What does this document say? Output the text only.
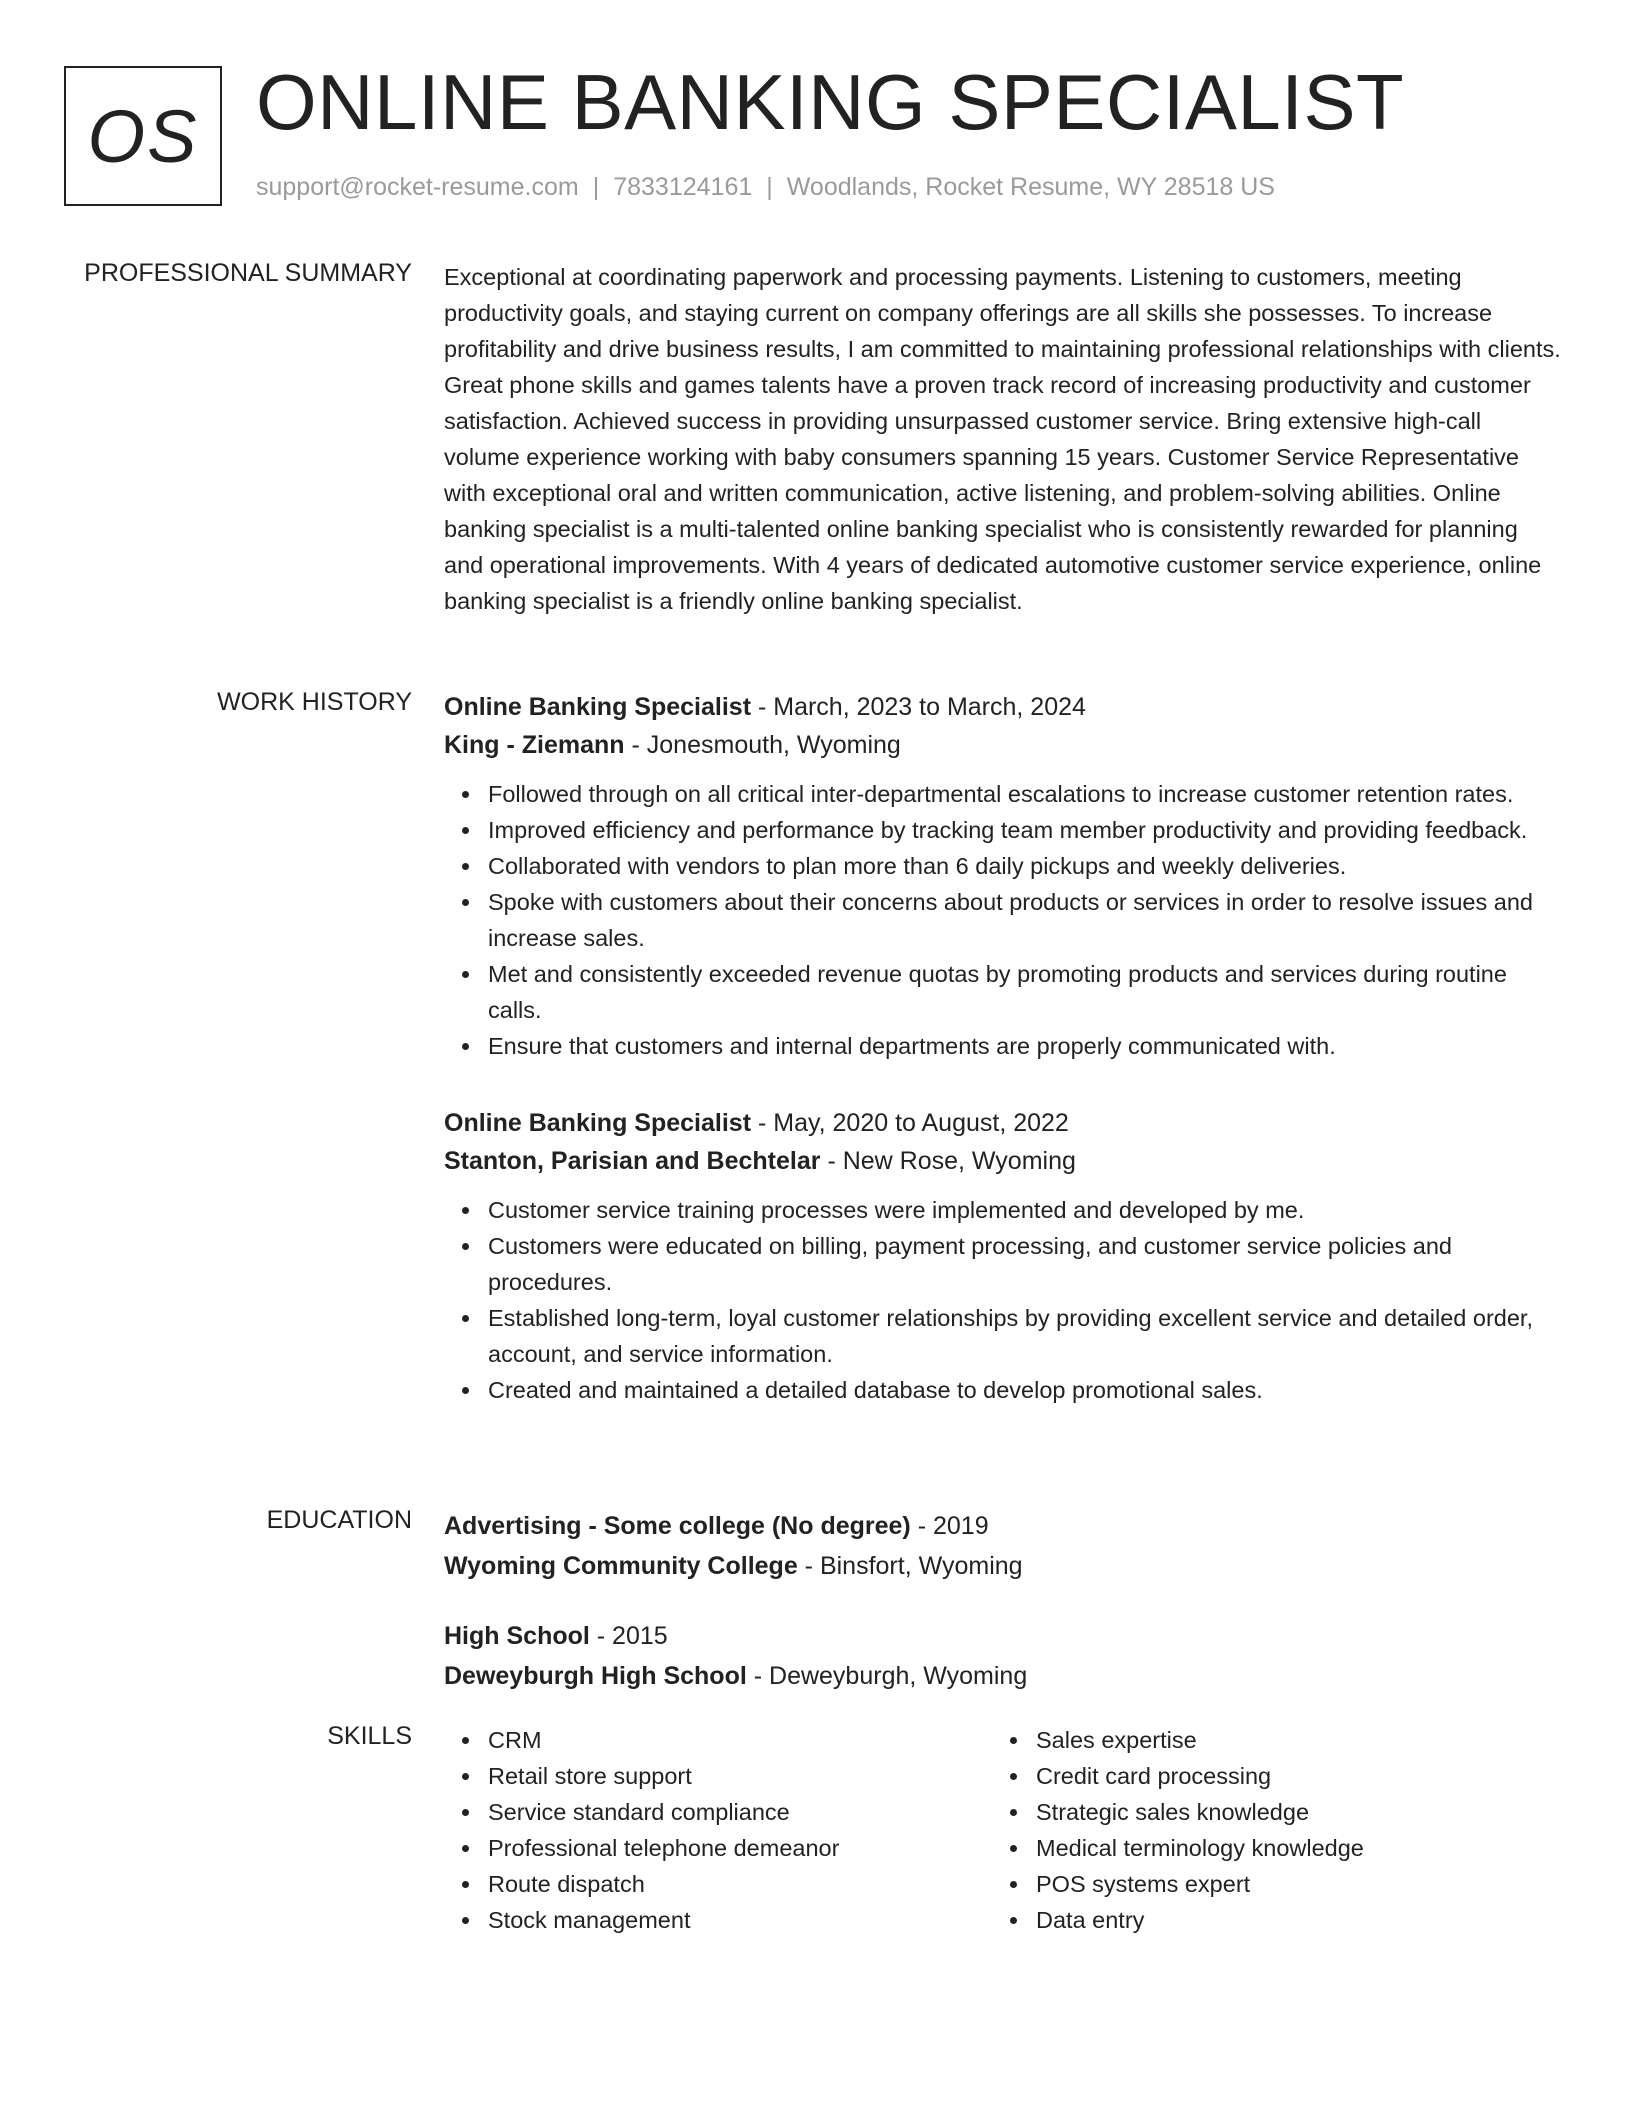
OS ONLINE BANKING SPECIALIST
support@rocket-resume.com | 7833124161 | Woodlands, Rocket Resume, WY 28518 US
PROFESSIONAL SUMMARY Exceptional at coordinating paperwork and processing payments. Listening to customers, meeting productivity goals, and staying current on company offerings are all skills she possesses. To increase profitability and drive business results, I am committed to maintaining professional relationships with clients. Great phone skills and games talents have a proven track record of increasing productivity and customer satisfaction. Achieved success in providing unsurpassed customer service. Bring extensive high-call volume experience working with baby consumers spanning 15 years. Customer Service Representative with exceptional oral and written communication, active listening, and problem-solving abilities. Online banking specialist is a multi-talented online banking specialist who is consistently rewarded for planning and operational improvements. With 4 years of dedicated automotive customer service experience, online banking specialist is a friendly online banking specialist.

WORK HISTORY Online Banking Specialist - March, 2023 to March, 2024
King - Ziemann - Jonesmouth, Wyoming
Followed through on all critical inter-departmental escalations to increase customer retention rates.
Improved efficiency and performance by tracking team member productivity and providing feedback.
Collaborated with vendors to plan more than 6 daily pickups and weekly deliveries.
Spoke with customers about their concerns about products or services in order to resolve issues and increase sales.
Met and consistently exceeded revenue quotas by promoting products and services during routine calls.
Ensure that customers and internal departments are properly communicated with.
Online Banking Specialist - May, 2020 to August, 2022
Stanton, Parisian and Bechtelar - New Rose, Wyoming
Customer service training processes were implemented and developed by me.
Customers were educated on billing, payment processing, and customer service policies and procedures.
Established long-term, loyal customer relationships by providing excellent service and detailed order, account, and service information.
Created and maintained a detailed database to develop promotional sales.
EDUCATION Advertising - Some college (No degree) - 2019
Wyoming Community College - Binsfort, Wyoming
High School - 2015
Deweyburgh High School - Deweyburgh, Wyoming
SKILLS	CRM
Retail store support
Service standard compliance
Professional telephone demeanor
Route dispatch
Stock management
Sales expertise
Credit card processing
Strategic sales knowledge
Medical terminology knowledge
POS systems expert
Data entry
